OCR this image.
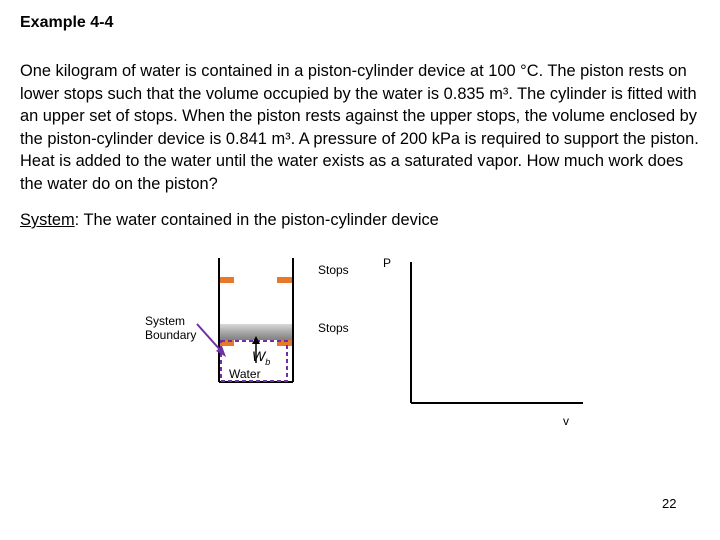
Example 4-4
One kilogram of water is contained in a piston-cylinder device at 100 °C. The piston rests on lower stops such that the volume occupied by the water is 0.835 m³. The cylinder is fitted with an upper set of stops. When the piston rests against the upper stops, the volume enclosed by the piston-cylinder device is 0.841 m³. A pressure of 200 kPa is required to support the piston. Heat is added to the water until the water exists as a saturated vapor. How much work does the water do on the piston?
System: The water contained in the piston-cylinder device
Stops
Stops
System Boundary
Water
$W_b$
P
v
22
